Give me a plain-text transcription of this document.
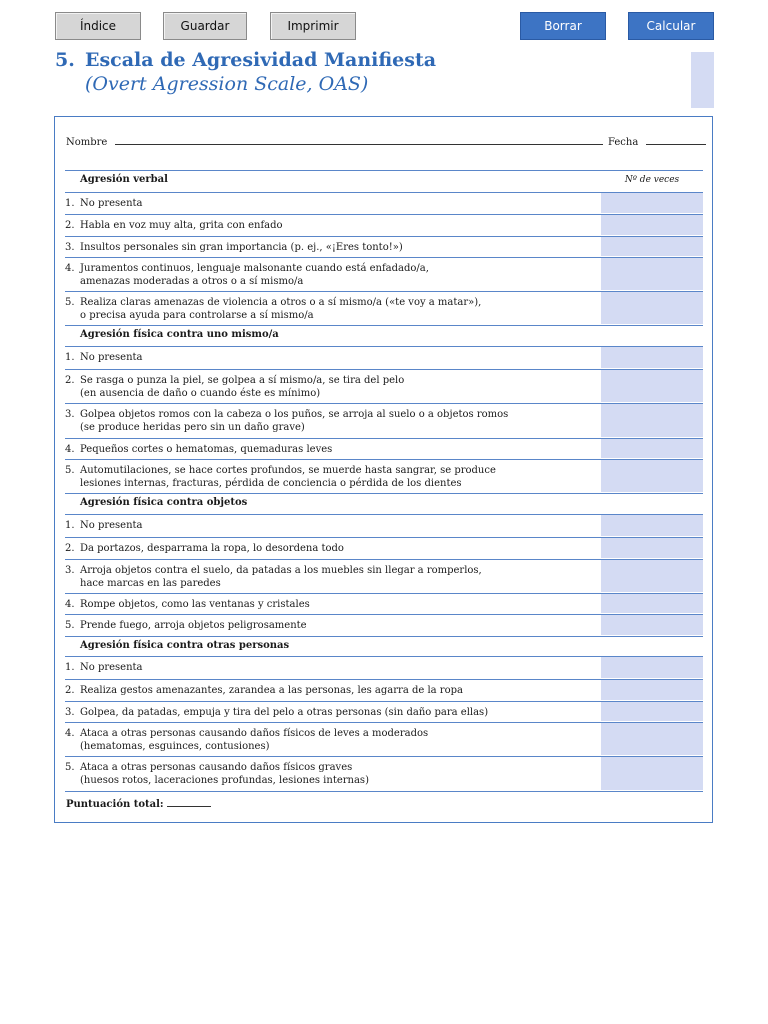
Índice	Guardar	Imprimir	Borrar	Calcular
5. Escala de Agresividad Manifiesta
(Overt Agression Scale, OAS)
Nombre	Fecha
Nº de veces
Agresión verbal
1. No presenta
2. Habla en voz muy alta, grita con enfado
3. Insultos personales sin gran importancia (p. ej., «¡Eres tonto!»)
4. Juramentos continuos, lenguaje malsonante cuando está enfadado/a,
amenazas moderadas a otros o a sí mismo/a
5. Realiza claras amenazas de violencia a otros o a sí mismo/a («te voy a matar»),
o precisa ayuda para controlarse a sí mismo/a
Agresión física contra uno mismo/a
1. No presenta
2. Se rasga o punza la piel, se golpea a sí mismo/a, se tira del pelo
(en ausencia de daño o cuando éste es mínimo)
3. Golpea objetos romos con la cabeza o los puños, se arroja al suelo o a objetos romos
(se produce heridas pero sin un daño grave)
4. Pequeños cortes o hematomas, quemaduras leves
5. Automutilaciones, se hace cortes profundos, se muerde hasta sangrar, se produce
lesiones internas, fracturas, pérdida de conciencia o pérdida de los dientes
Agresión física contra objetos
1. No presenta
2. Da portazos, desparrama la ropa, lo desordena todo
3. Arroja objetos contra el suelo, da patadas a los muebles sin llegar a romperlos,
hace marcas en las paredes
4. Rompe objetos, como las ventanas y cristales
5. Prende fuego, arroja objetos peligrosamente
Agresión física contra otras personas
1. No presenta
2. Realiza gestos amenazantes, zarandea a las personas, les agarra de la ropa
3. Golpea, da patadas, empuja y tira del pelo a otras personas (sin daño para ellas)
4. Ataca a otras personas causando daños físicos de leves a moderados
(hematomas, esguinces, contusiones)
5. Ataca a otras personas causando daños físicos graves
(huesos rotos, laceraciones profundas, lesiones internas)
Puntuación total:
